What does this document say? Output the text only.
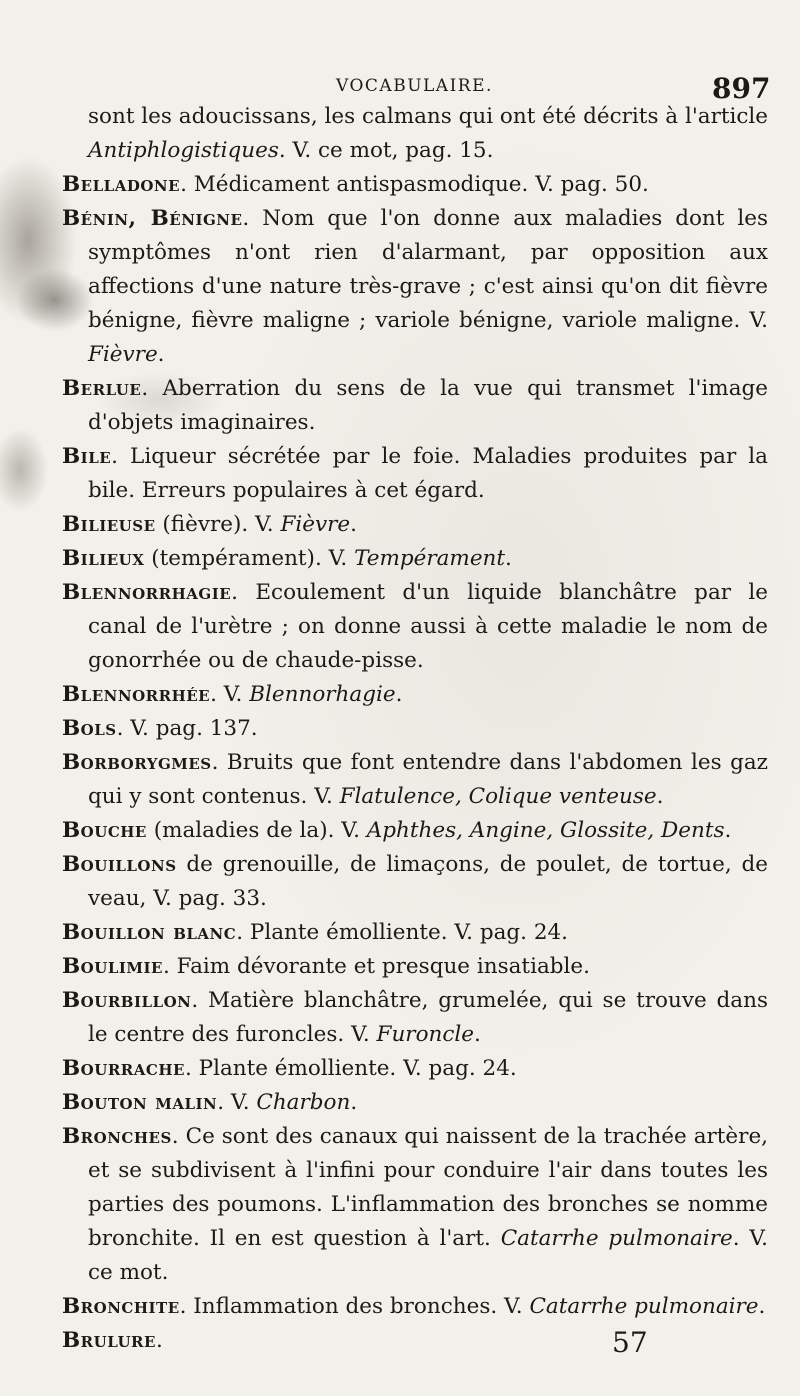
VOCABULAIRE.	897
sont les adoucissans, les calmans qui ont été décrits à l'article Antiphlogistiques. V. ce mot, pag. 15.
Belladone. Médicament antispasmodique. V. pag. 50.
Bénin, Bénigne. Nom que l'on donne aux maladies dont les symptômes n'ont rien d'alarmant, par opposition aux affections d'une nature très-grave ; c'est ainsi qu'on dit fièvre bénigne, fièvre maligne ; variole bénigne, variole maligne. V. Fièvre.
Berlue. Aberration du sens de la vue qui transmet l'image d'objets imaginaires.
Bile. Liqueur sécrétée par le foie. Maladies produites par la bile. Erreurs populaires à cet égard.
Bilieuse (fièvre). V. Fièvre.
Bilieux (tempérament). V. Tempérament.
Blennorrhagie. Ecoulement d'un liquide blanchâtre par le canal de l'urètre ; on donne aussi à cette maladie le nom de gonorrhée ou de chaude-pisse.
Blennorrhée. V. Blennorhagie.
Bols. V. pag. 137.
Borborygmes. Bruits que font entendre dans l'abdomen les gaz qui y sont contenus. V. Flatulence, Colique venteuse.
Bouche (maladies de la). V. Aphthes, Angine, Glossite, Dents.
Bouillons de grenouille, de limaçons, de poulet, de tortue, de veau, V. pag. 33.
Bouillon blanc. Plante émolliente. V. pag. 24.
Boulimie. Faim dévorante et presque insatiable.
Bourbillon. Matière blanchâtre, grumelée, qui se trouve dans le centre des furoncles. V. Furoncle.
Bourrache. Plante émolliente. V. pag. 24.
Bouton malin. V. Charbon.
Bronches. Ce sont des canaux qui naissent de la trachée artère, et se subdivisent à l'infini pour conduire l'air dans toutes les parties des poumons. L'inflammation des bronches se nomme bronchite. Il en est question à l'art. Catarrhe pulmonaire. V. ce mot.
Bronchite. Inflammation des bronches. V. Catarrhe pulmonaire.
Brulure.	57
